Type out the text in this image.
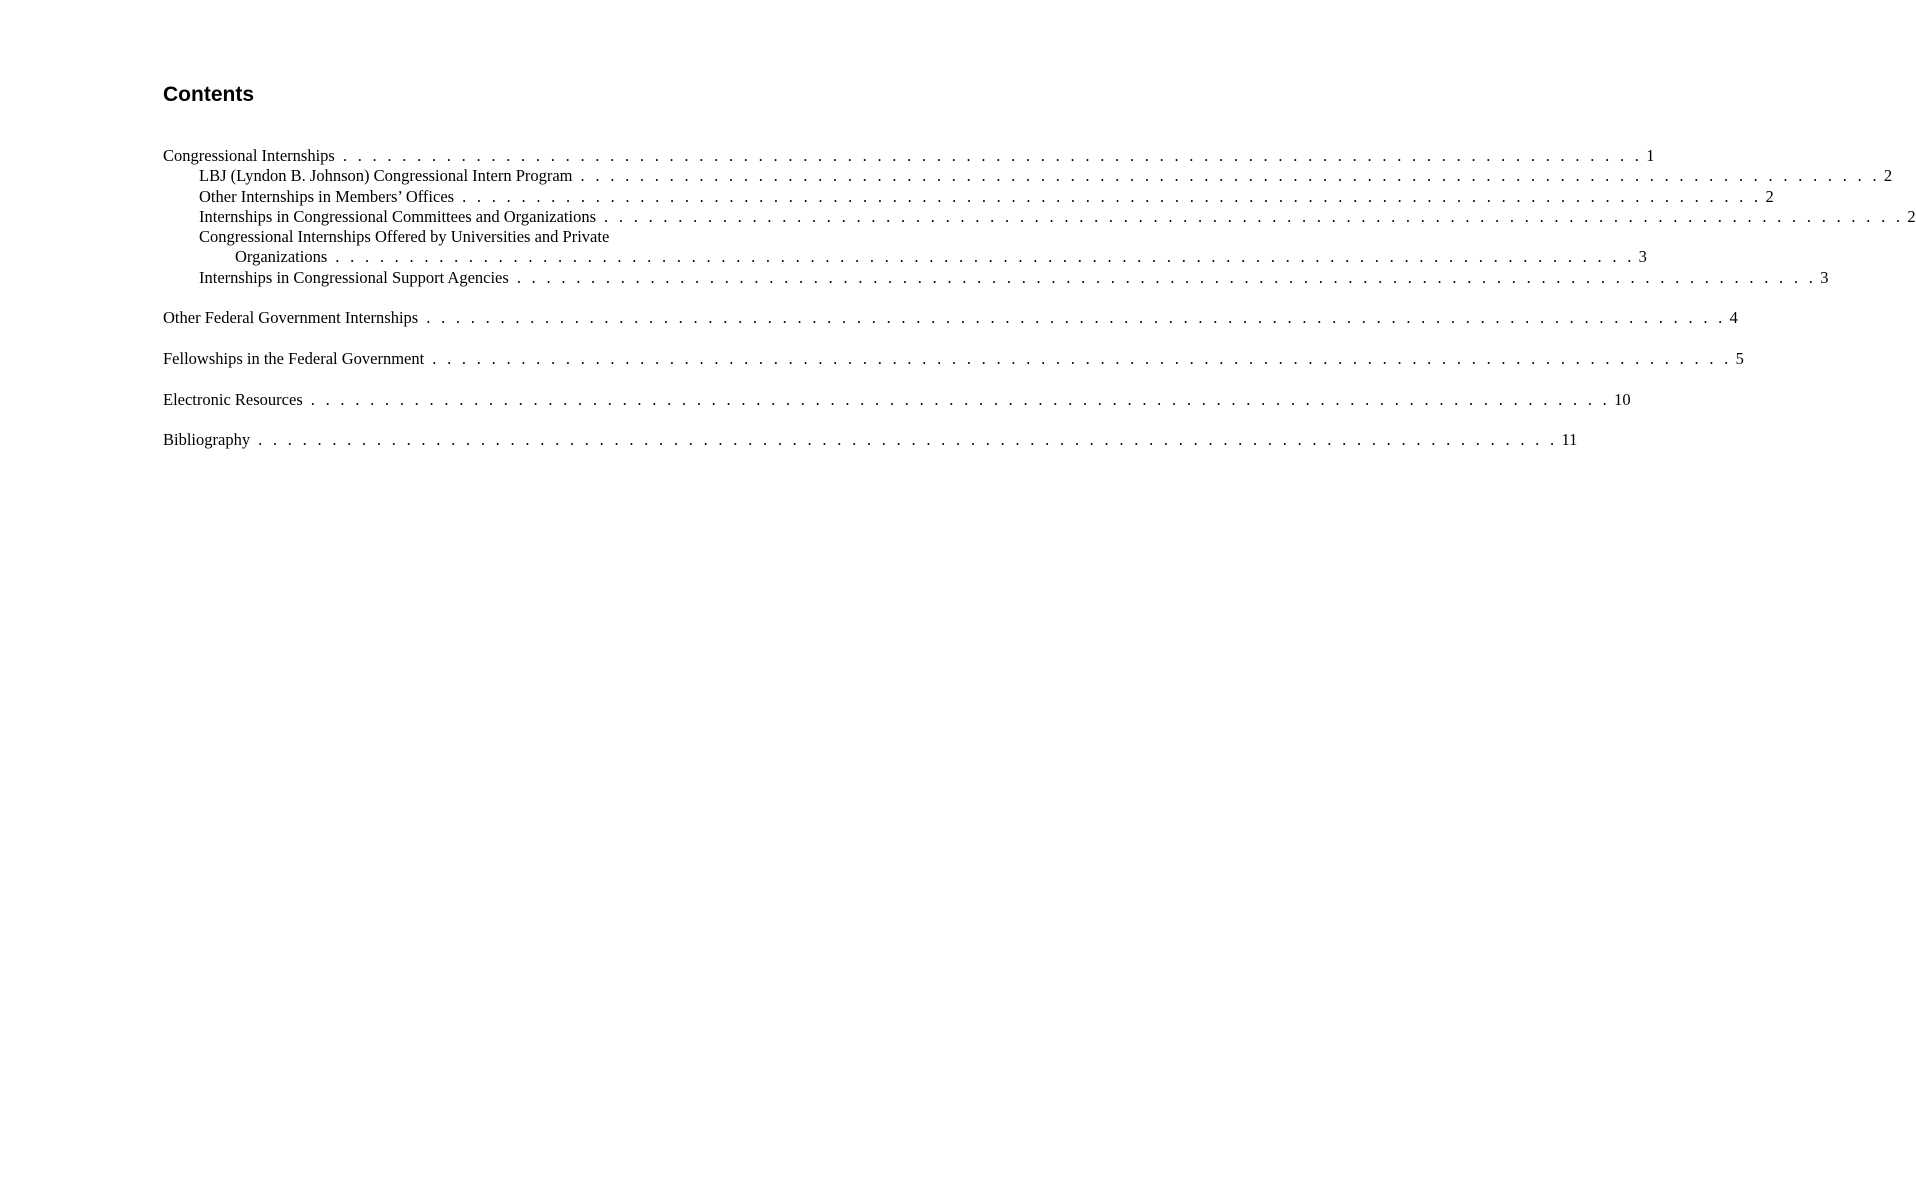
Contents
Congressional Internships . . . . . . . . . . . . . . . . . . . . . . . . . . . . . . . . . . . . . . . . . . . . . . . . . . . . . . . . . . . . . . . . . . . . . . . . . . . . . . . . . . . . . . . . 1
LBJ (Lyndon B. Johnson) Congressional Intern Program . . . . . . . . . . . . . . . . . . . . . . . . . . . . . . . . . . . . . . . . . . . . . . . . . . . . . . . . . . . . . . . . . . . . . . . . . . . . . . . . . . . . . . . . 2
Other Internships in Members’ Offices . . . . . . . . . . . . . . . . . . . . . . . . . . . . . . . . . . . . . . . . . . . . . . . . . . . . . . . . . . . . . . . . . . . . . . . . . . . . . . . . . . . . . . . . 2
Internships in Congressional Committees and Organizations . . . . . . . . . . . . . . . . . . . . . . . . . . . . . . . . . . . . . . . . . . . . . . . . . . . . . . . . . . . . . . . . . . . . . . . . . . . . . . . . . . . . . . . . 2
Congressional Internships Offered by Universities and Private
Organizations . . . . . . . . . . . . . . . . . . . . . . . . . . . . . . . . . . . . . . . . . . . . . . . . . . . . . . . . . . . . . . . . . . . . . . . . . . . . . . . . . . . . . . . . 3
Internships in Congressional Support Agencies . . . . . . . . . . . . . . . . . . . . . . . . . . . . . . . . . . . . . . . . . . . . . . . . . . . . . . . . . . . . . . . . . . . . . . . . . . . . . . . . . . . . . . . . 3
Other Federal Government Internships . . . . . . . . . . . . . . . . . . . . . . . . . . . . . . . . . . . . . . . . . . . . . . . . . . . . . . . . . . . . . . . . . . . . . . . . . . . . . . . . . . . . . . . . 4
Fellowships in the Federal Government . . . . . . . . . . . . . . . . . . . . . . . . . . . . . . . . . . . . . . . . . . . . . . . . . . . . . . . . . . . . . . . . . . . . . . . . . . . . . . . . . . . . . . . . 5
Electronic Resources . . . . . . . . . . . . . . . . . . . . . . . . . . . . . . . . . . . . . . . . . . . . . . . . . . . . . . . . . . . . . . . . . . . . . . . . . . . . . . . . . . . . . . . . 10
Bibliography . . . . . . . . . . . . . . . . . . . . . . . . . . . . . . . . . . . . . . . . . . . . . . . . . . . . . . . . . . . . . . . . . . . . . . . . . . . . . . . . . . . . . . . . 11
